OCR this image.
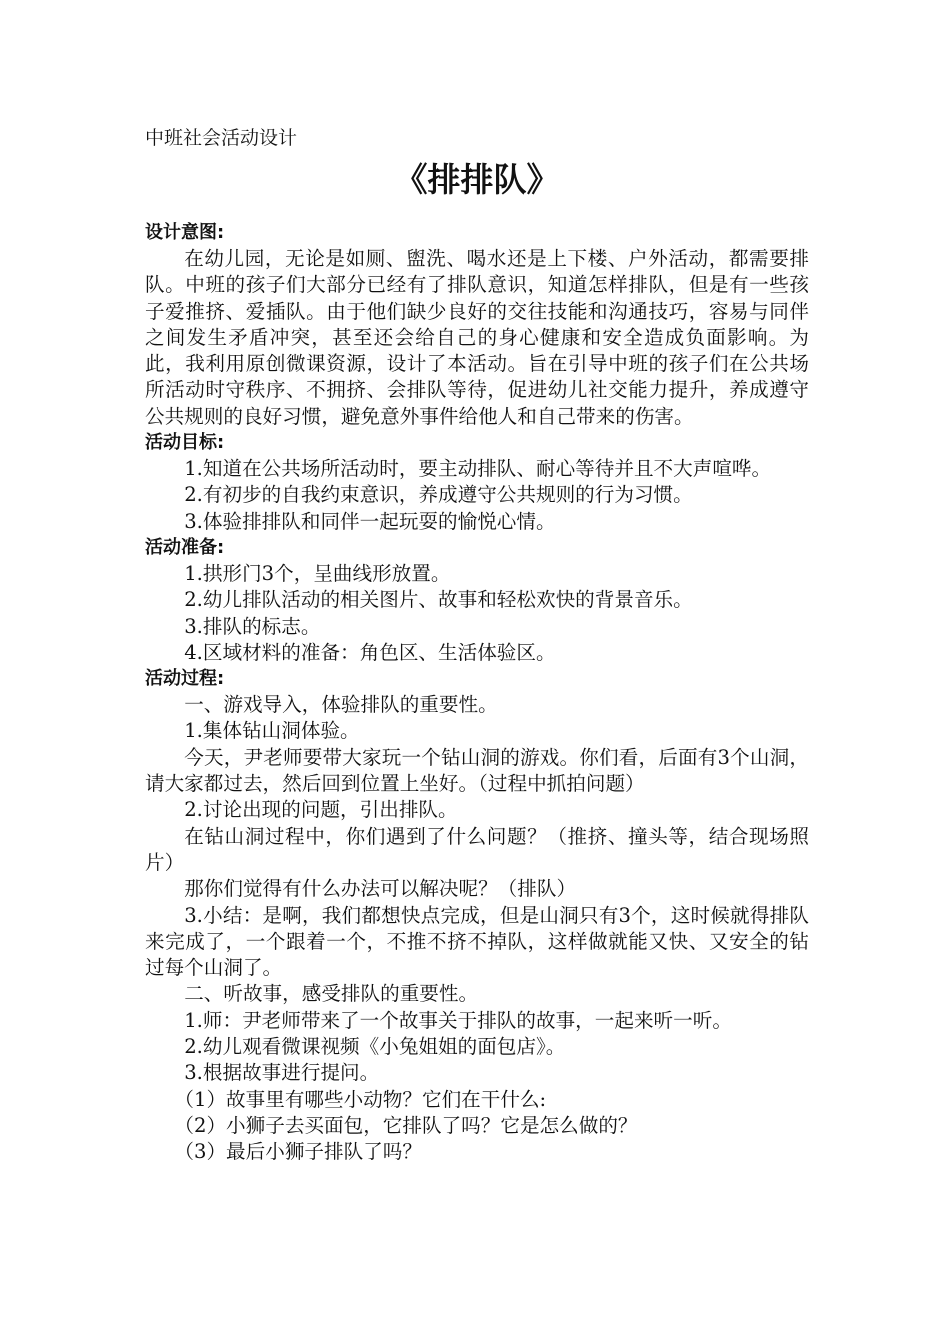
中班社会活动设计

《排排队》
设计意图:

在幼儿园，无论是如厕、盥洗、喝水还是上下楼、户外活动，都需要排队。中班的孩子们大部分已经有了排队意识，知道怎样排队，但是有一些孩子爱推挤、爱插队。由于他们缺少良好的交往技能和沟通技巧，容易与同伴之间发生矛盾冲突，甚至还会给自己的身心健康和安全造成负面影响。为此，我利用原创微课资源，设计了本活动。旨在引导中班的孩子们在公共场所活动时守秩序、不拥挤、会排队等待，促进幼儿社交能力提升，养成遵守公共规则的良好习惯，避免意外事件给他人和自己带来的伤害。

活动目标:

1.知道在公共场所活动时，要主动排队、耐心等待并且不大声喧哗。

2.有初步的自我约束意识，养成遵守公共规则的行为习惯。

3.体验排排队和同伴一起玩耍的愉悦心情。

活动准备:

1.拱形门3个，呈曲线形放置。

2.幼儿排队活动的相关图片、故事和轻松欢快的背景音乐。

3.排队的标志。

4.区域材料的准备：角色区、生活体验区。

活动过程:

一、游戏导入，体验排队的重要性。

1.集体钻山洞体验。

今天，尹老师要带大家玩一个钻山洞的游戏。你们看，后面有3个山洞，请大家都过去，然后回到位置上坐好。（过程中抓拍问题）

2.讨论出现的问题，引出排队。

在钻山洞过程中，你们遇到了什么问题？（推挤、撞头等，结合现场照片）

那你们觉得有什么办法可以解决呢？（排队）

3.小结：是啊，我们都想快点完成，但是山洞只有3个，这时候就得排队来完成了，一个跟着一个，不推不挤不掉队，这样做就能又快、又安全的钻过每个山洞了。

二、听故事，感受排队的重要性。

1.师：尹老师带来了一个故事关于排队的故事，一起来听一听。

2.幼儿观看微课视频《小兔姐姐的面包店》。

3.根据故事进行提问。

（1）故事里有哪些小动物？它们在干什么:

（2）小狮子去买面包，它排队了吗？它是怎么做的？

（3）最后小狮子排队了吗？
